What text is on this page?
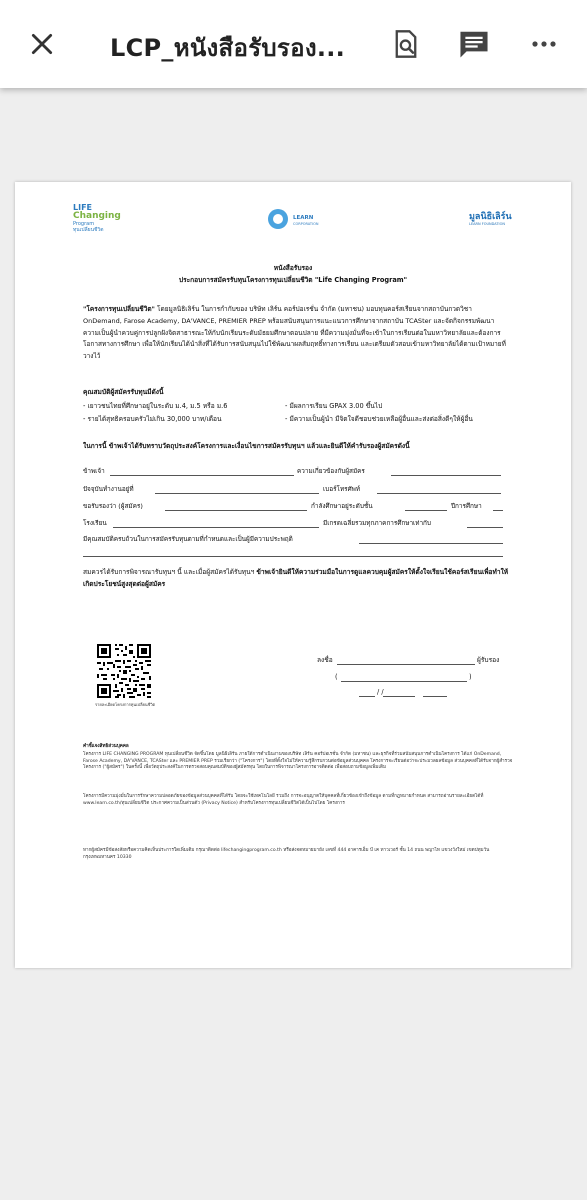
LCP_หนังสือรับรอง...
LIFE
Changing
Program
ทุนเปลี่ยนชีวิต
LEARN
CORPORATION
มูลนิธิเลิร์น
LEARN FOUNDATION
หนังสือรับรอง
ประกอบการสมัครรับทุนโครงการทุนเปลี่ยนชีวิต "Life Changing Program"
"โครงการทุนเปลี่ยนชีวิต" โดยมูลนิธิเลิร์น ในการกำกับของ บริษัท เลิร์น คอร์ปอเรชั่น จำกัด (มหาชน) มอบทุนคอร์สเรียนจากสถาบันกวดวิชา OnDemand, Farose Academy, DA'VANCE, PREMIER PREP พร้อมสนับสนุนการแนะแนวการศึกษาจากสถาบัน TCASter และจัดกิจกรรมพัฒนาความเป็นผู้นำควบคู่การปลูกฝังจิตสาธารณะให้กับนักเรียนระดับมัธยมศึกษาตอนปลาย ที่มีความมุ่งมั่นที่จะเข้าในการเรียนต่อในมหาวิทยาลัยและต้องการโอกาสทางการศึกษา เพื่อให้นักเรียนได้นำสิ่งที่ได้รับการสนับสนุนไปใช้พัฒนาผลสัมฤทธิ์ทางการเรียน และเตรียมตัวสอบเข้ามหาวิทยาลัยได้ตามเป้าหมายที่วางไว้
คุณสมบัติผู้สมัครรับทุนมีดังนี้
- เยาวชนไทยที่ศึกษาอยู่ในระดับ ม.4, ม.5 หรือ ม.6	- มีผลการเรียน GPAX 3.00 ขึ้นไป
- รายได้สุทธิครอบครัวไม่เกิน 30,000 บาท/เดือน	- มีความเป็นผู้นำ มีจิตใจดีชอบช่วยเหลือผู้อื่นและส่งต่อสิ่งดีๆให้ผู้อื่น
ในการนี้ ข้าพเจ้าได้รับทราบวัตถุประสงค์โครงการและเงื่อนไขการสมัครรับทุนฯ แล้วและยินดีให้คำรับรองผู้สมัครดังนี้
ข้าพเจ้า	ความเกี่ยวข้องกับผู้สมัคร
ปัจจุบันทำงานอยู่ที่	เบอร์โทรศัพท์
ขอรับรองว่า (ผู้สมัคร)	กำลังศึกษาอยู่ระดับชั้น	ปีการศึกษา
โรงเรียน	มีเกรดเฉลี่ยรวมทุกภาคการศึกษาเท่ากับ
มีคุณสมบัติครบถ้วนในการสมัครรับทุนตามที่กำหนดและเป็นผู้มีความประพฤติ
สมควรได้รับการพิจารณารับทุนฯ นี้ และเมื่อผู้สมัครได้รับทุนฯ ข้าพเจ้ายินดีให้ความร่วมมือในการดูแลควบคุมผู้สมัครให้ตั้งใจเรียนใช้คอร์สเรียนเพื่อทำให้เกิดประโยชน์สูงสุดต่อผู้สมัคร
รายละเอียดโครงการทุนเปลี่ยนชีวิต
ลงชื่อ	ผู้รับรอง
(	)
/ /
คำชี้แจงสิทธิส่วนบุคคล
โครงการ LIFE CHANGING PROGRAM ทุนเปลี่ยนชีวิต จัดขึ้นโดย มูลนิธิเลิร์น ภายใต้การดำเนินงานของบริษัท เลิร์น คอร์ปอเรชั่น จำกัด (มหาชน) และธุรกิจที่ร่วมสนับสนุนการดำเนินโครงการ ได้แก่ OnDemand, Farose Academy, DA'VANCE, TCASter และ PREMIER PREP รวมเรียกว่า ("โครงการ") โดยที่ตั้งใจไม่ให้ความรู้สึกรบกวนต่อข้อมูลส่วนบุคคล โครงการจะเรียนต่อว่าจะประมวลผลข้อมูล ส่วนบุคคลที่ได้รับจากผู้สำรวจโครงการ ("ผู้สมัคร") ในครั้งนี้ เพื่อวัตถุประสงค์ในการตรวจสอบคุณสมบัติของผู้สมัครทุน โดยในการพิจารณาโครงการอาจติดต่อ เพื่อสอบถามข้อมูลเพิ่มเติม
โครงการมีความมุ่งมั่นในการรักษาความปลอดภัยของข้อมูลส่วนบุคคลที่ได้รับ โดยจะใช้เทคโนโลยี รวมถึง การจะอนุญาตให้บุคคลที่เกี่ยวข้องเข้าถึงข้อมูล ตามที่กฎหมายกำหนด สามารถอ่านรายละเอียดได้ที่ www.learn.co.th/ทุนเปลี่ยนชีวิต ประกาศความเป็นส่วนตัว (Privacy Notice) สำหรับโครงการทุนเปลี่ยนชีวิตได้เป็นไปโดย โครงการ
หากผู้สมัครมีข้อสงสัยหรือความคิดเห็นประการใดเพิ่มเติม กรุณาติดต่อ lifechangingprogram.co.th หรือส่งจดหมายมายัง เลขที่ 444 อาคารเอ็ม บี เค ทาวเวอร์ ชั้น 14 ถนน พญาไท แขวงวังใหม่ เขตปทุมวัน กรุงเทพมหานคร 10330
